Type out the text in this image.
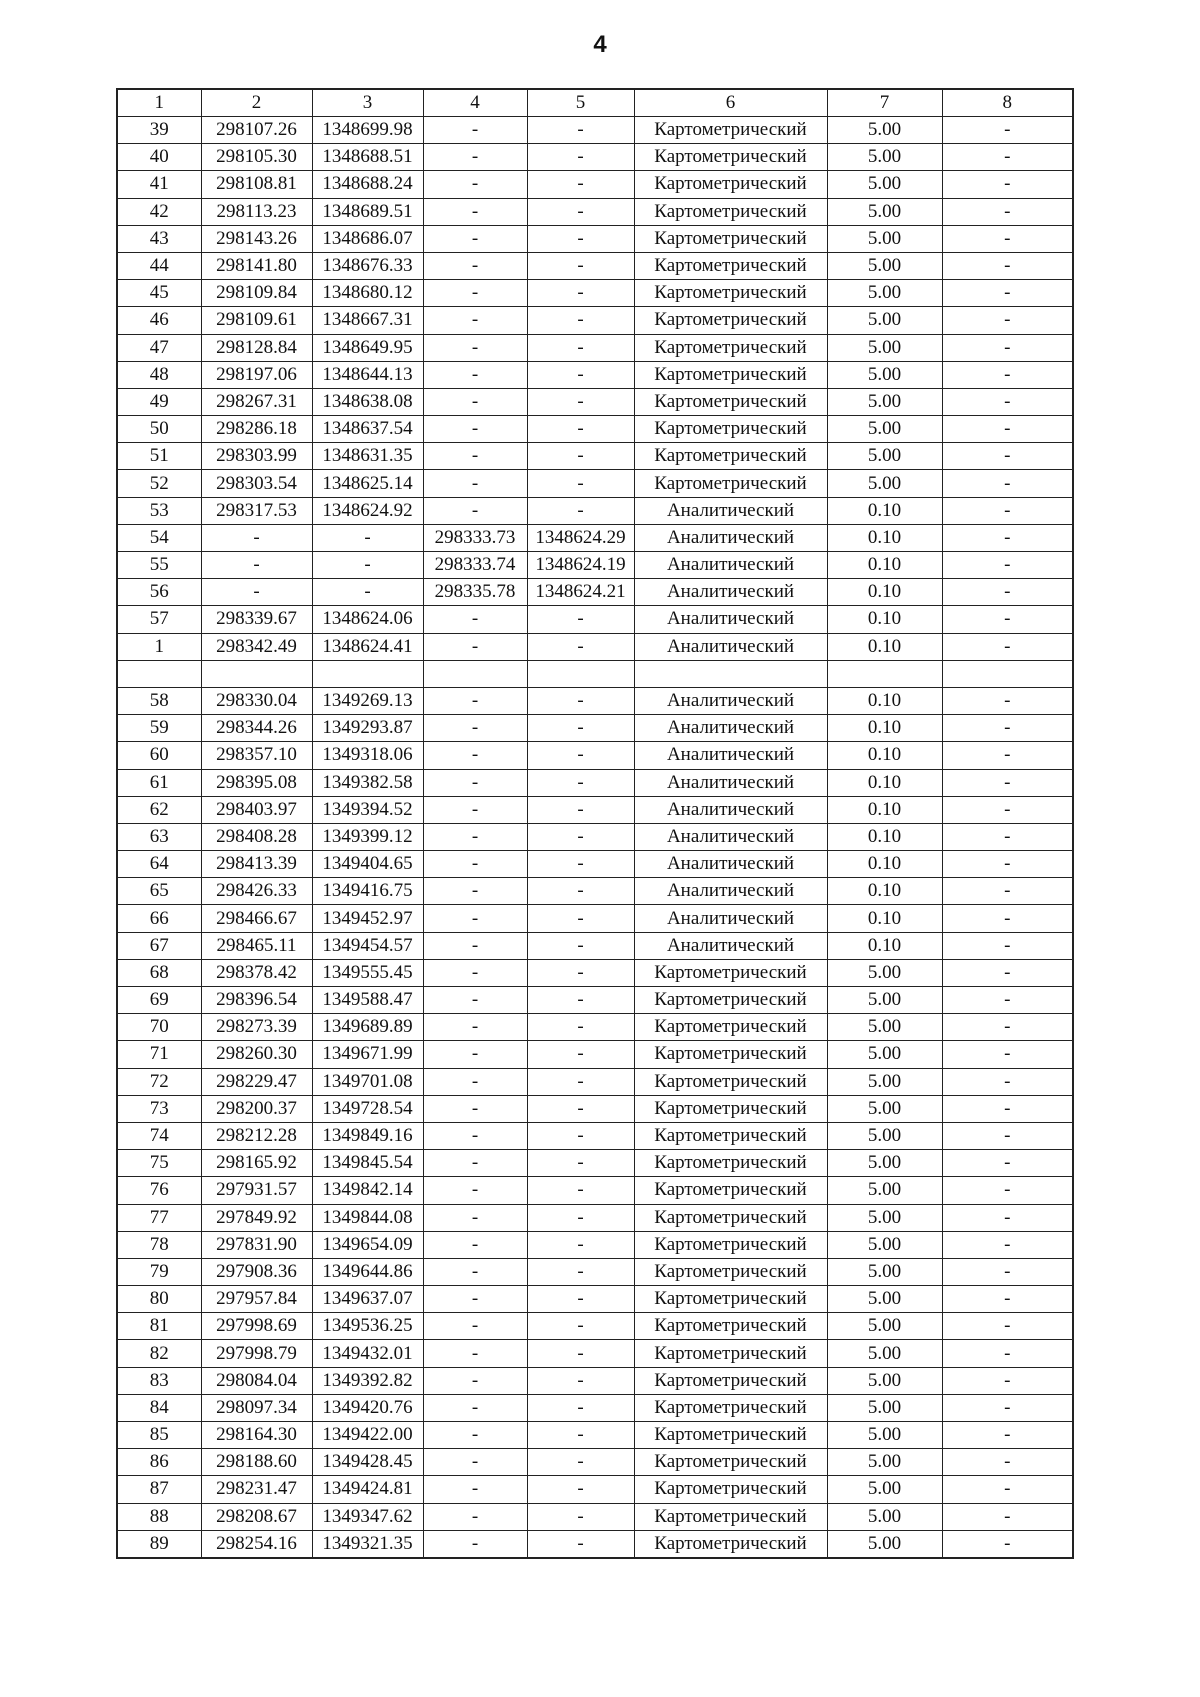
4
1	2	3	4	5	6	7	8
39	298107.26	1348699.98	-	-	Картометрический	5.00	-
40	298105.30	1348688.51	-	-	Картометрический	5.00	-
41	298108.81	1348688.24	-	-	Картометрический	5.00	-
42	298113.23	1348689.51	-	-	Картометрический	5.00	-
43	298143.26	1348686.07	-	-	Картометрический	5.00	-
44	298141.80	1348676.33	-	-	Картометрический	5.00	-
45	298109.84	1348680.12	-	-	Картометрический	5.00	-
46	298109.61	1348667.31	-	-	Картометрический	5.00	-
47	298128.84	1348649.95	-	-	Картометрический	5.00	-
48	298197.06	1348644.13	-	-	Картометрический	5.00	-
49	298267.31	1348638.08	-	-	Картометрический	5.00	-
50	298286.18	1348637.54	-	-	Картометрический	5.00	-
51	298303.99	1348631.35	-	-	Картометрический	5.00	-
52	298303.54	1348625.14	-	-	Картометрический	5.00	-
53	298317.53	1348624.92	-	-	Аналитический	0.10	-
54	-	-	298333.73	1348624.29	Аналитический	0.10	-
55	-	-	298333.74	1348624.19	Аналитический	0.10	-
56	-	-	298335.78	1348624.21	Аналитический	0.10	-
57	298339.67	1348624.06	-	-	Аналитический	0.10	-
1	298342.49	1348624.41	-	-	Аналитический	0.10	-

58	298330.04	1349269.13	-	-	Аналитический	0.10	-
59	298344.26	1349293.87	-	-	Аналитический	0.10	-
60	298357.10	1349318.06	-	-	Аналитический	0.10	-
61	298395.08	1349382.58	-	-	Аналитический	0.10	-
62	298403.97	1349394.52	-	-	Аналитический	0.10	-
63	298408.28	1349399.12	-	-	Аналитический	0.10	-
64	298413.39	1349404.65	-	-	Аналитический	0.10	-
65	298426.33	1349416.75	-	-	Аналитический	0.10	-
66	298466.67	1349452.97	-	-	Аналитический	0.10	-
67	298465.11	1349454.57	-	-	Аналитический	0.10	-
68	298378.42	1349555.45	-	-	Картометрический	5.00	-
69	298396.54	1349588.47	-	-	Картометрический	5.00	-
70	298273.39	1349689.89	-	-	Картометрический	5.00	-
71	298260.30	1349671.99	-	-	Картометрический	5.00	-
72	298229.47	1349701.08	-	-	Картометрический	5.00	-
73	298200.37	1349728.54	-	-	Картометрический	5.00	-
74	298212.28	1349849.16	-	-	Картометрический	5.00	-
75	298165.92	1349845.54	-	-	Картометрический	5.00	-
76	297931.57	1349842.14	-	-	Картометрический	5.00	-
77	297849.92	1349844.08	-	-	Картометрический	5.00	-
78	297831.90	1349654.09	-	-	Картометрический	5.00	-
79	297908.36	1349644.86	-	-	Картометрический	5.00	-
80	297957.84	1349637.07	-	-	Картометрический	5.00	-
81	297998.69	1349536.25	-	-	Картометрический	5.00	-
82	297998.79	1349432.01	-	-	Картометрический	5.00	-
83	298084.04	1349392.82	-	-	Картометрический	5.00	-
84	298097.34	1349420.76	-	-	Картометрический	5.00	-
85	298164.30	1349422.00	-	-	Картометрический	5.00	-
86	298188.60	1349428.45	-	-	Картометрический	5.00	-
87	298231.47	1349424.81	-	-	Картометрический	5.00	-
88	298208.67	1349347.62	-	-	Картометрический	5.00	-
89	298254.16	1349321.35	-	-	Картометрический	5.00	-
